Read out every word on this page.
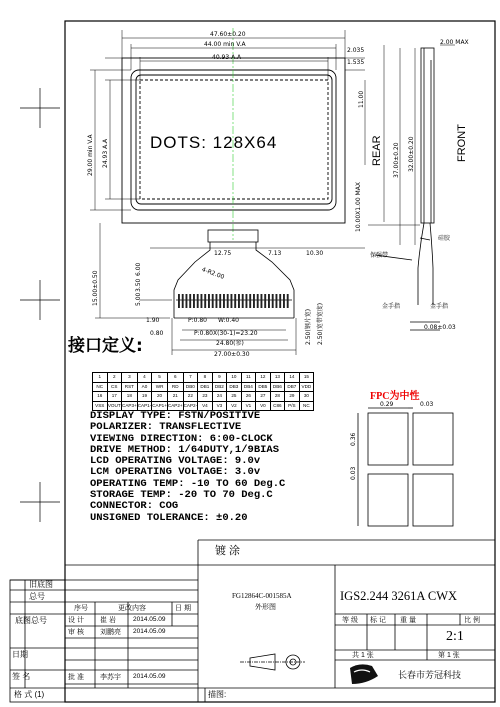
47.60±0.20
44.00 min V.A
40.93 A.A
2.035
1.535
2.00 MAX
29.00 min V.A 24.93 A.A
15.00±0.50	5.00
3.50
6.00
11.00
10.00X1.00 MAX
37.00±0.20 32.00±0.20
DOTS: 128X64	REAR	FRONT
硅胶
保强带
金手指	金手指
12.75	7.13	10.30
4-R2.00
0.08±0.03
P:0.80 W:0.40
1.90
0.80	P:0.80X(30-1)=23.20
24.80(参)
27.00±0.30
2.50(钢片宽) 2.50(宽带宽度)
接口定义:
1	2	3	4	5	6	7	8	9	10	11	12	13	14	15
NC	CS	RST	A0	WR	RD	DB0	DB1	DB2	DB3	DB4	DB5	DB6	DB7	VDD
16	17	18	19	20	21	22	23	24	25	26	27	28	29	30
VSS	VOUT	CAP3+	CAP1-	CAP1+	CAP2+	CAP2-	V4	V3	V2	V1	V0	C86	P/S	NC
FPC为中性
DISPLAY TYPE: FSTN/POSITIVE
POLARIZER: TRANSFLECTIVE
VIEWING DIRECTION: 6:00-CLOCK
DRIVE METHOD: 1/64DUTY,1/9BIAS
LCD OPERATING VOLTAGE: 9.0v
LCM OPERATING VOLTAGE: 3.0v
OPERATING TEMP: -10 TO 60 Deg.C
STORAGE TEMP: -20 TO 70 Deg.C
CONNECTOR: COG
UNSIGNED TOLERANCE: ±0.20
0.29	0.03
0.36
0.03
镀 涂
旧底图
总号
序号	更改内容	日 期
底图总号	设 计 崔 岩	2014.05.09
审 核 刘鹏亮 2014.05.09
日期
签 名	批 准 李苏宇 2014.05.09
FG12864C-001585A
外形图
IGS2.244 3261A CWX
等 级 标 记 重 量	比 例
2:1
共 1 张	第 1 张
长春市芳冠科技
格 式 (1)	描图:
